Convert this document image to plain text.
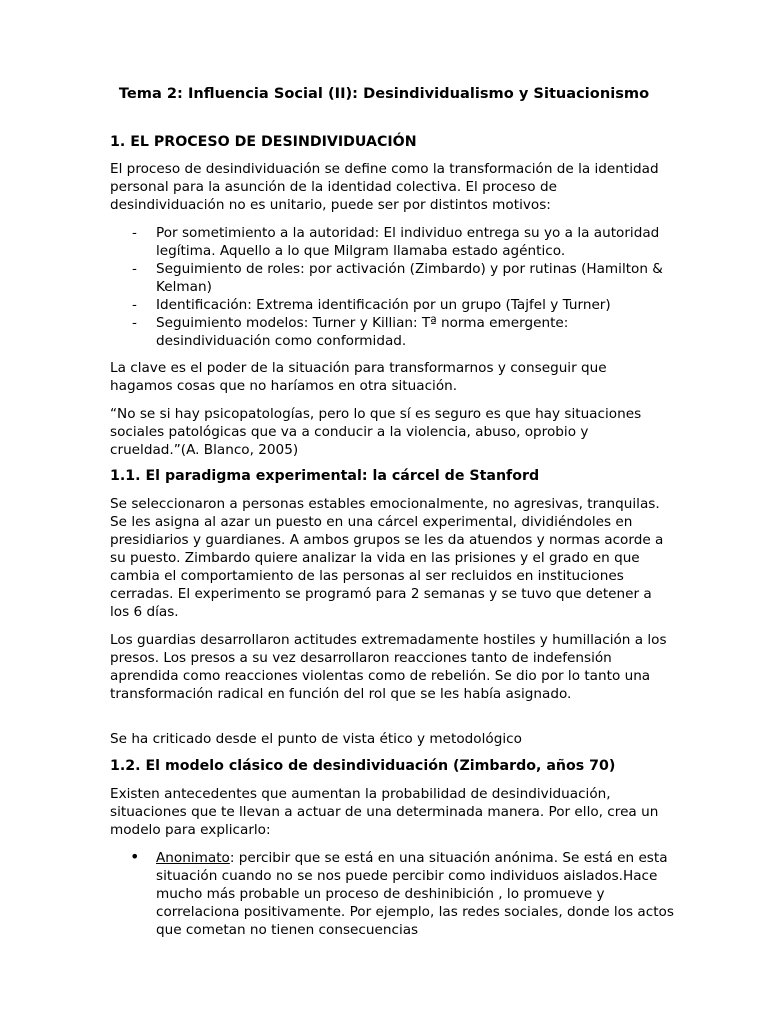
Tema 2: Influencia Social (II): Desindividualismo y Situacionismo
1. EL PROCESO DE DESINDIVIDUACIÓN

El proceso de desindividuación se define como la transformación de la identidad personal para la asunción de la identidad colectiva. El proceso de desindividuación no es unitario, puede ser por distintos motivos:

- Por sometimiento a la autoridad: El individuo entrega su yo a la autoridad legítima. Aquello a lo que Milgram llamaba estado agéntico.
- Seguimiento de roles: por activación (Zimbardo) y por rutinas (Hamilton & Kelman)
- Identificación: Extrema identificación por un grupo (Tajfel y Turner)
- Seguimiento modelos: Turner y Killian: Tª norma emergente: desindividuación como conformidad.

La clave es el poder de la situación para transformarnos y conseguir que hagamos cosas que no haríamos en otra situación.

“No se si hay psicopatologías, pero lo que sí es seguro es que hay situaciones sociales patológicas que va a conducir a la violencia, abuso, oprobio y crueldad.”(A. Blanco, 2005)

1.1. El paradigma experimental: la cárcel de Stanford

Se seleccionaron a personas estables emocionalmente, no agresivas, tranquilas. Se les asigna al azar un puesto en una cárcel experimental, dividiéndoles en presidiarios y guardianes. A ambos grupos se les da atuendos y normas acorde a su puesto. Zimbardo quiere analizar la vida en las prisiones y el grado en que cambia el comportamiento de las personas al ser recluidos en instituciones cerradas. El experimento se programó para 2 semanas y se tuvo que detener a los 6 días.

Los guardias desarrollaron actitudes extremadamente hostiles y humillación a los presos. Los presos a su vez desarrollaron reacciones tanto de indefensión aprendida como reacciones violentas como de rebelión. Se dio por lo tanto una transformación radical en función del rol que se les había asignado.

Se ha criticado desde el punto de vista ético y metodológico

1.2. El modelo clásico de desindividuación (Zimbardo, años 70)

Existen antecedentes que aumentan la probabilidad de desindividuación, situaciones que te llevan a actuar de una determinada manera. Por ello, crea un modelo para explicarlo:

• Anonimato: percibir que se está en una situación anónima. Se está en esta situación cuando no se nos puede percibir como individuos aislados.Hace mucho más probable un proceso de deshinibición , lo promueve y correlaciona positivamente. Por ejemplo, las redes sociales, donde los actos que cometan no tienen consecuencias
